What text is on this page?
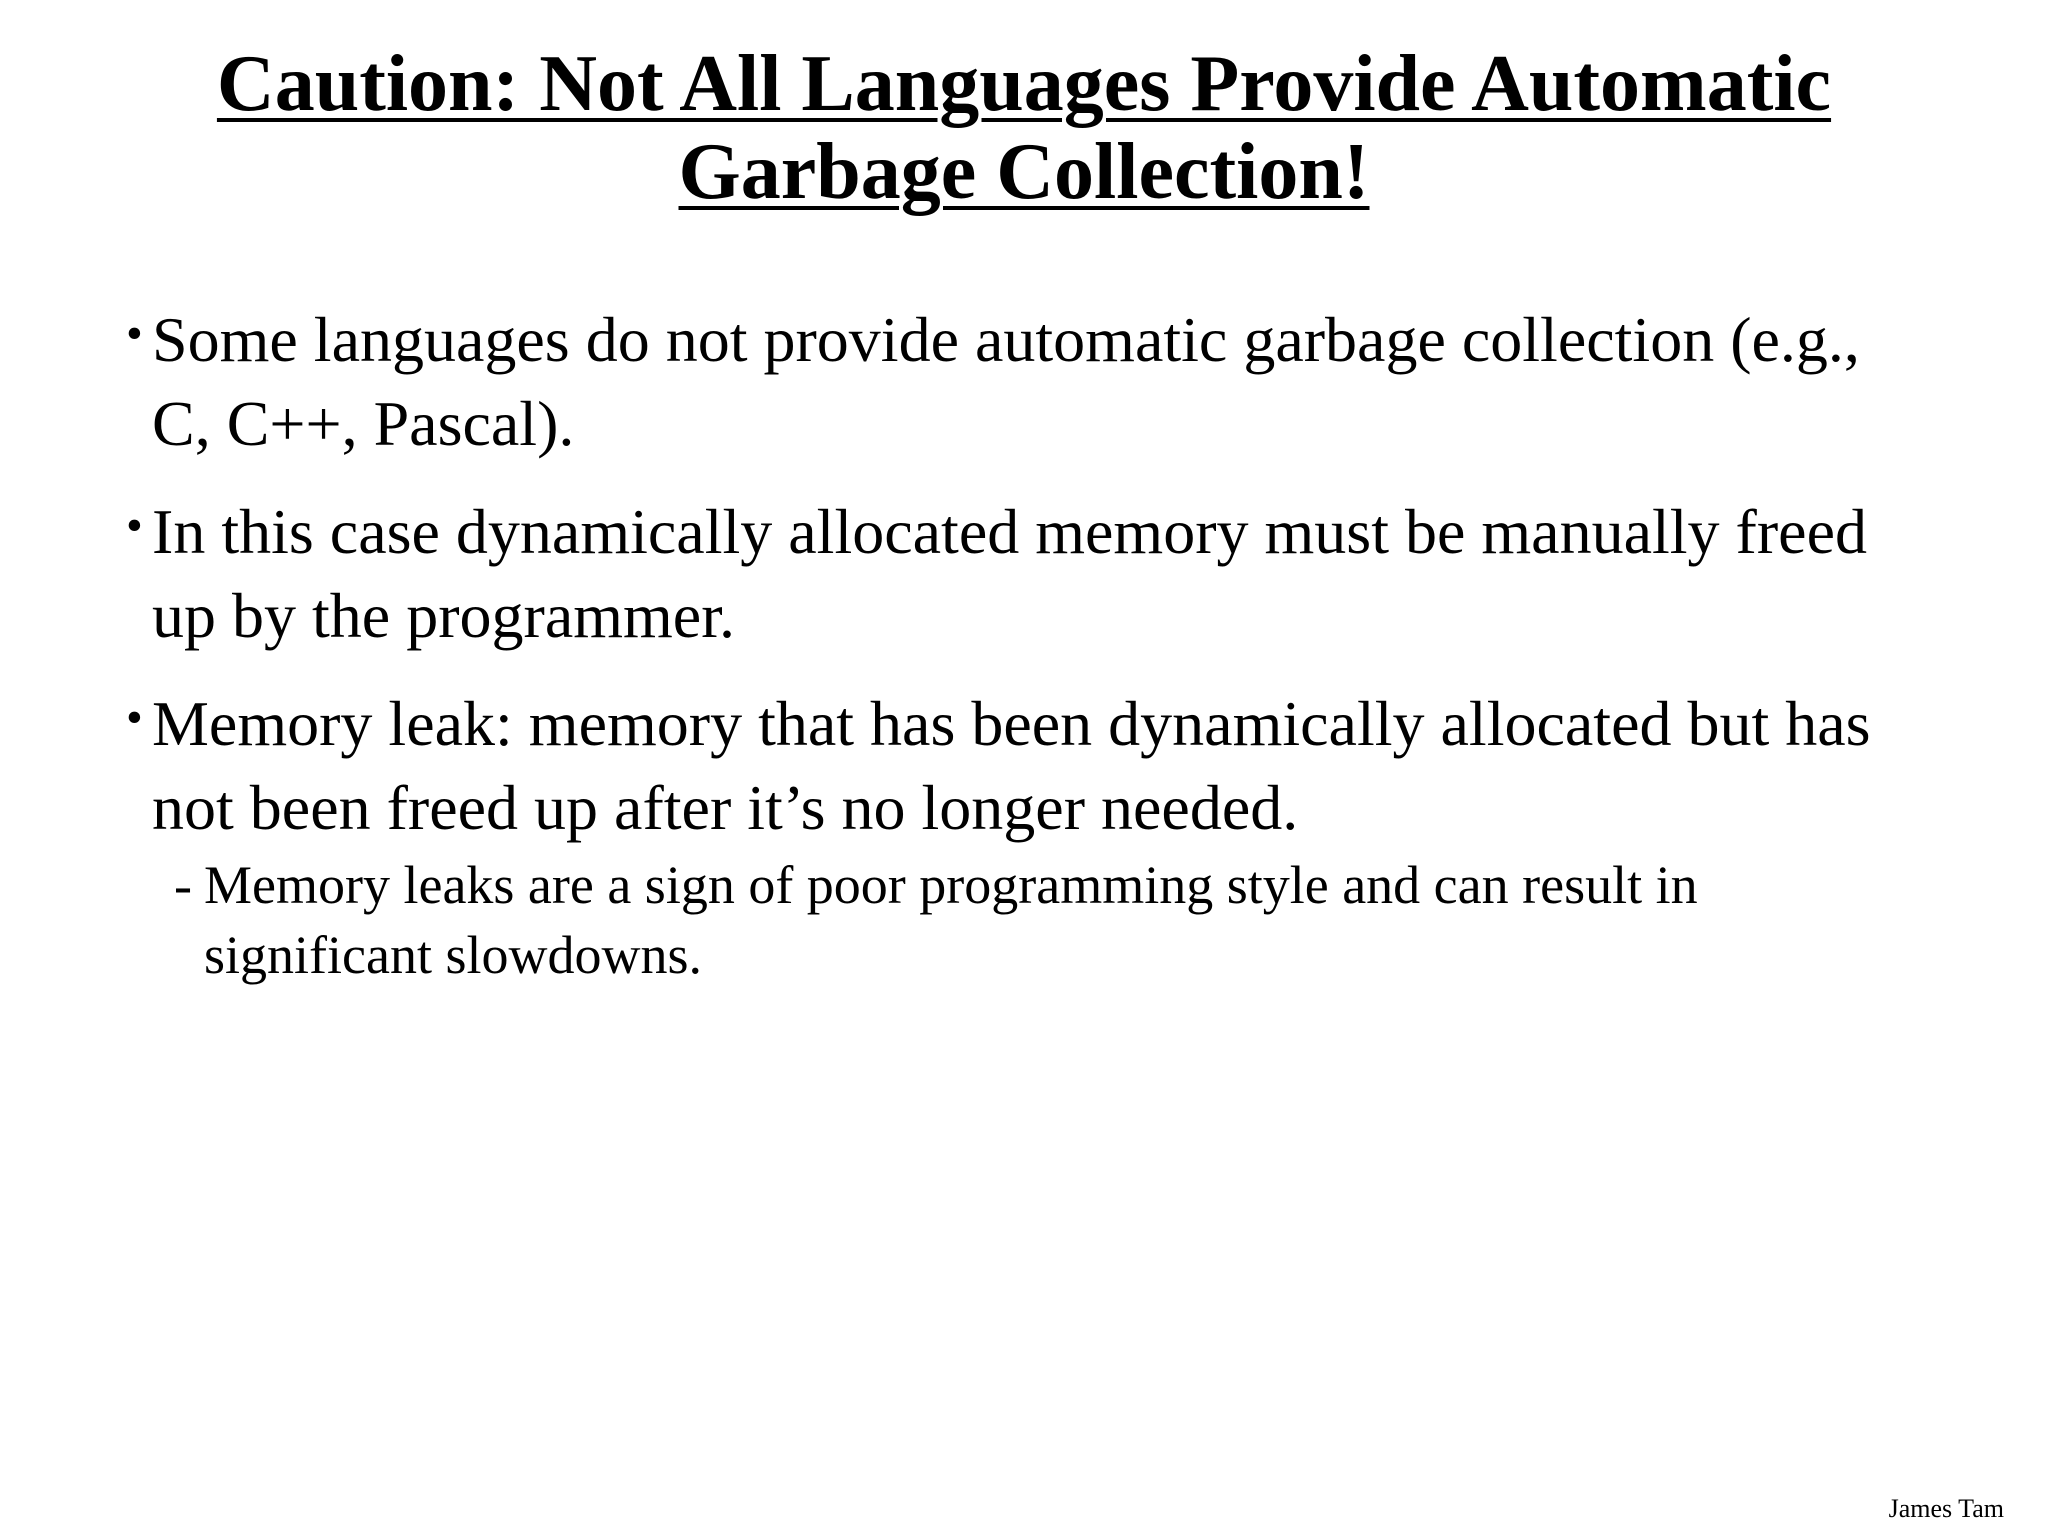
Caution: Not All Languages Provide Automatic
Garbage Collection!
• Some languages do not provide automatic garbage collection (e.g., C, C++, Pascal).
• In this case dynamically allocated memory must be manually freed up by the programmer.
• Memory leak: memory that has been dynamically allocated but has not been freed up after it’s no longer needed.
- Memory leaks are a sign of poor programming style and can result in significant slowdowns.
James Tam
